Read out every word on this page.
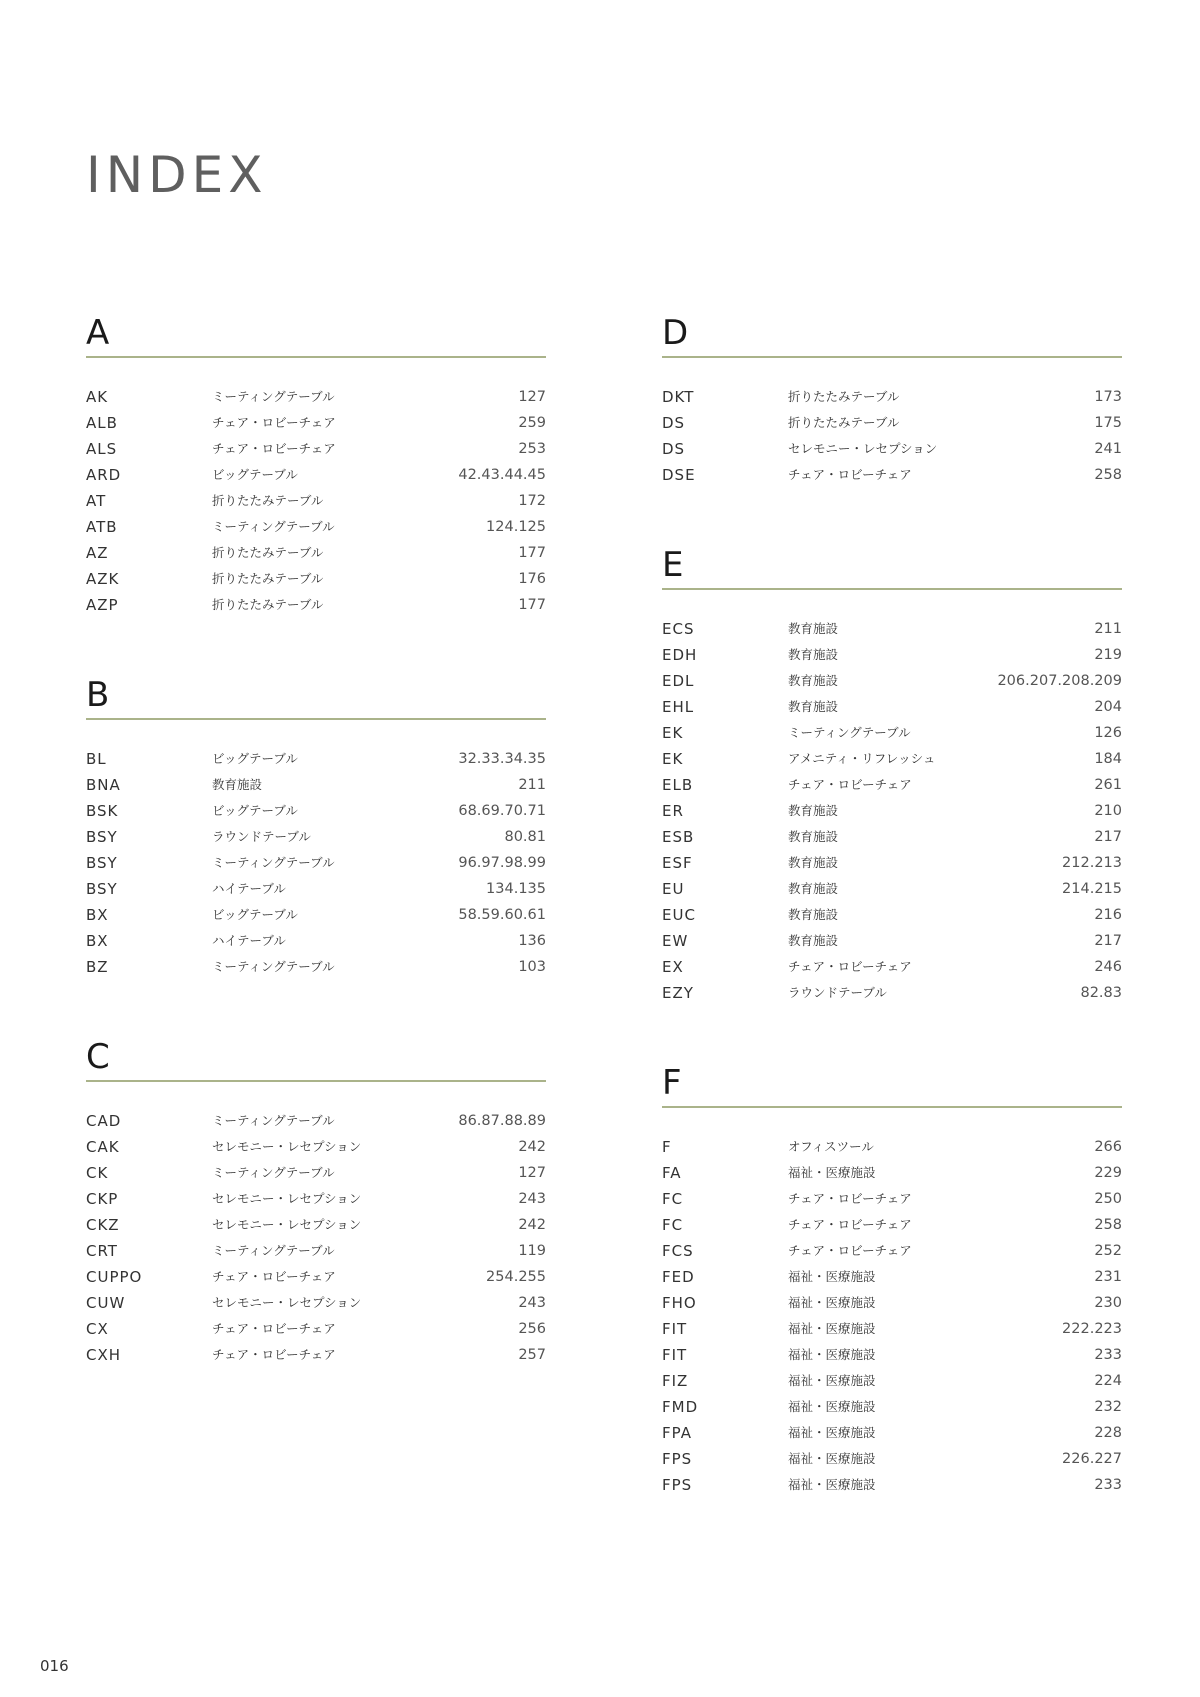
INDEX
A
AK	ミーティングテーブル	127
ALB	チェア・ロビーチェア	259
ALS	チェア・ロビーチェア	253
ARD	ビッグテーブル	42.43.44.45
AT	折りたたみテーブル	172
ATB	ミーティングテーブル	124.125
AZ	折りたたみテーブル	177
AZK	折りたたみテーブル	176
AZP	折りたたみテーブル	177
B
BL	ビッグテーブル	32.33.34.35
BNA	教育施設	211
BSK	ビッグテーブル	68.69.70.71
BSY	ラウンドテーブル	80.81
BSY	ミーティングテーブル	96.97.98.99
BSY	ハイテーブル	134.135
BX	ビッグテーブル	58.59.60.61
BX	ハイテーブル	136
BZ	ミーティングテーブル	103
C
CAD	ミーティングテーブル	86.87.88.89
CAK	セレモニー・レセプション	242
CK	ミーティングテーブル	127
CKP	セレモニー・レセプション	243
CKZ	セレモニー・レセプション	242
CRT	ミーティングテーブル	119
CUPPO	チェア・ロビーチェア	254.255
CUW	セレモニー・レセプション	243
CX	チェア・ロビーチェア	256
CXH	チェア・ロビーチェア	257
D
DKT	折りたたみテーブル	173
DS	折りたたみテーブル	175
DS	セレモニー・レセプション	241
DSE	チェア・ロビーチェア	258
E
ECS	教育施設	211
EDH	教育施設	219
EDL	教育施設	206.207.208.209
EHL	教育施設	204
EK	ミーティングテーブル	126
EK	アメニティ・リフレッシュ	184
ELB	チェア・ロビーチェア	261
ER	教育施設	210
ESB	教育施設	217
ESF	教育施設	212.213
EU	教育施設	214.215
EUC	教育施設	216
EW	教育施設	217
EX	チェア・ロビーチェア	246
EZY	ラウンドテーブル	82.83
F
F	オフィスツール	266
FA	福祉・医療施設	229
FC	チェア・ロビーチェア	250
FC	チェア・ロビーチェア	258
FCS	チェア・ロビーチェア	252
FED	福祉・医療施設	231
FHO	福祉・医療施設	230
FIT	福祉・医療施設	222.223
FIT	福祉・医療施設	233
FIZ	福祉・医療施設	224
FMD	福祉・医療施設	232
FPA	福祉・医療施設	228
FPS	福祉・医療施設	226.227
FPS	福祉・医療施設	233
016
